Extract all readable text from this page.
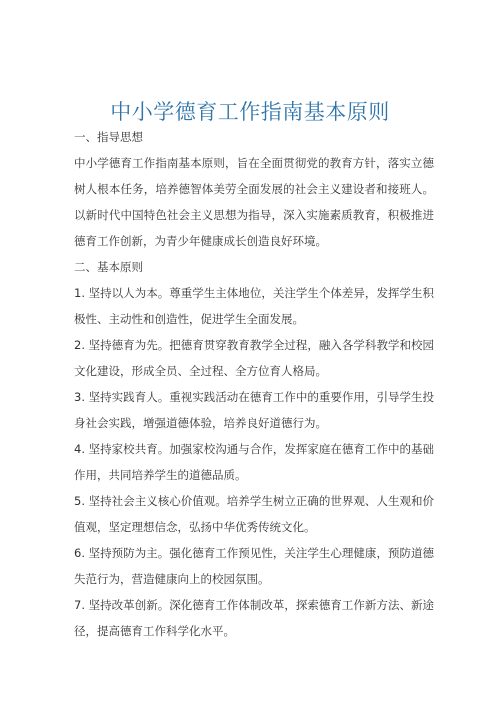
中小学德育工作指南基本原则

一、指导思想

中小学德育工作指南基本原则，旨在全面贯彻党的教育方针，落实立德树人根本任务，培养德智体美劳全面发展的社会主义建设者和接班人。以新时代中国特色社会主义思想为指导，深入实施素质教育，积极推进德育工作创新，为青少年健康成长创造良好环境。

二、基本原则

1. 坚持以人为本。尊重学生主体地位，关注学生个体差异，发挥学生积极性、主动性和创造性，促进学生全面发展。

2. 坚持德育为先。把德育贯穿教育教学全过程，融入各学科教学和校园文化建设，形成全员、全过程、全方位育人格局。

3. 坚持实践育人。重视实践活动在德育工作中的重要作用，引导学生投身社会实践，增强道德体验，培养良好道德行为。

4. 坚持家校共育。加强家校沟通与合作，发挥家庭在德育工作中的基础作用，共同培养学生的道德品质。

5. 坚持社会主义核心价值观。培养学生树立正确的世界观、人生观和价值观，坚定理想信念，弘扬中华优秀传统文化。

6. 坚持预防为主。强化德育工作预见性，关注学生心理健康，预防道德失范行为，营造健康向上的校园氛围。

7. 坚持改革创新。深化德育工作体制改革，探索德育工作新方法、新途径，提高德育工作科学化水平。
